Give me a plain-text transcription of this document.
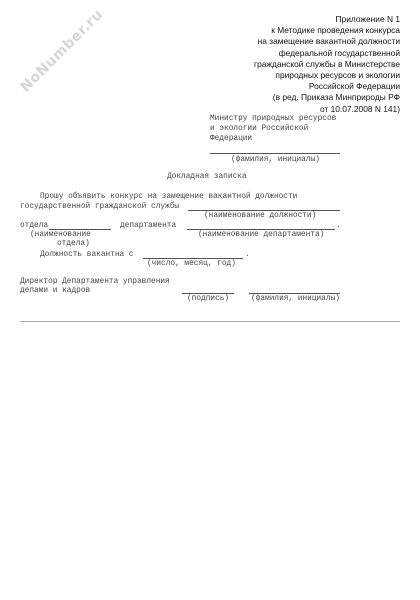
NoNumber.ru	Приложение N 1
к Методике проведения конкурса
на замещение вакантной должности
федеральной государственной
гражданской службы в Министерстве
природных ресурсов и экологии
Российской Федерации
(в ред. Приказа Минприроды РФ
от 10.07.2008 N 141)
Министру природных ресурсов
и экологии Российской
Федерации
(фамилия, инициалы)
Докладная записка
Прошу объявить конкурс на замещение вакантной должности
государственной гражданской службы
(наименование должности)
отдела	департамента	.
(наименование
отдела)
(наименование департамента)
Должность вакантна с	.
(число, месяц, год)
Директор Департамента управления
делами и кадров
(подпись)	(фамилия, инициалы)
